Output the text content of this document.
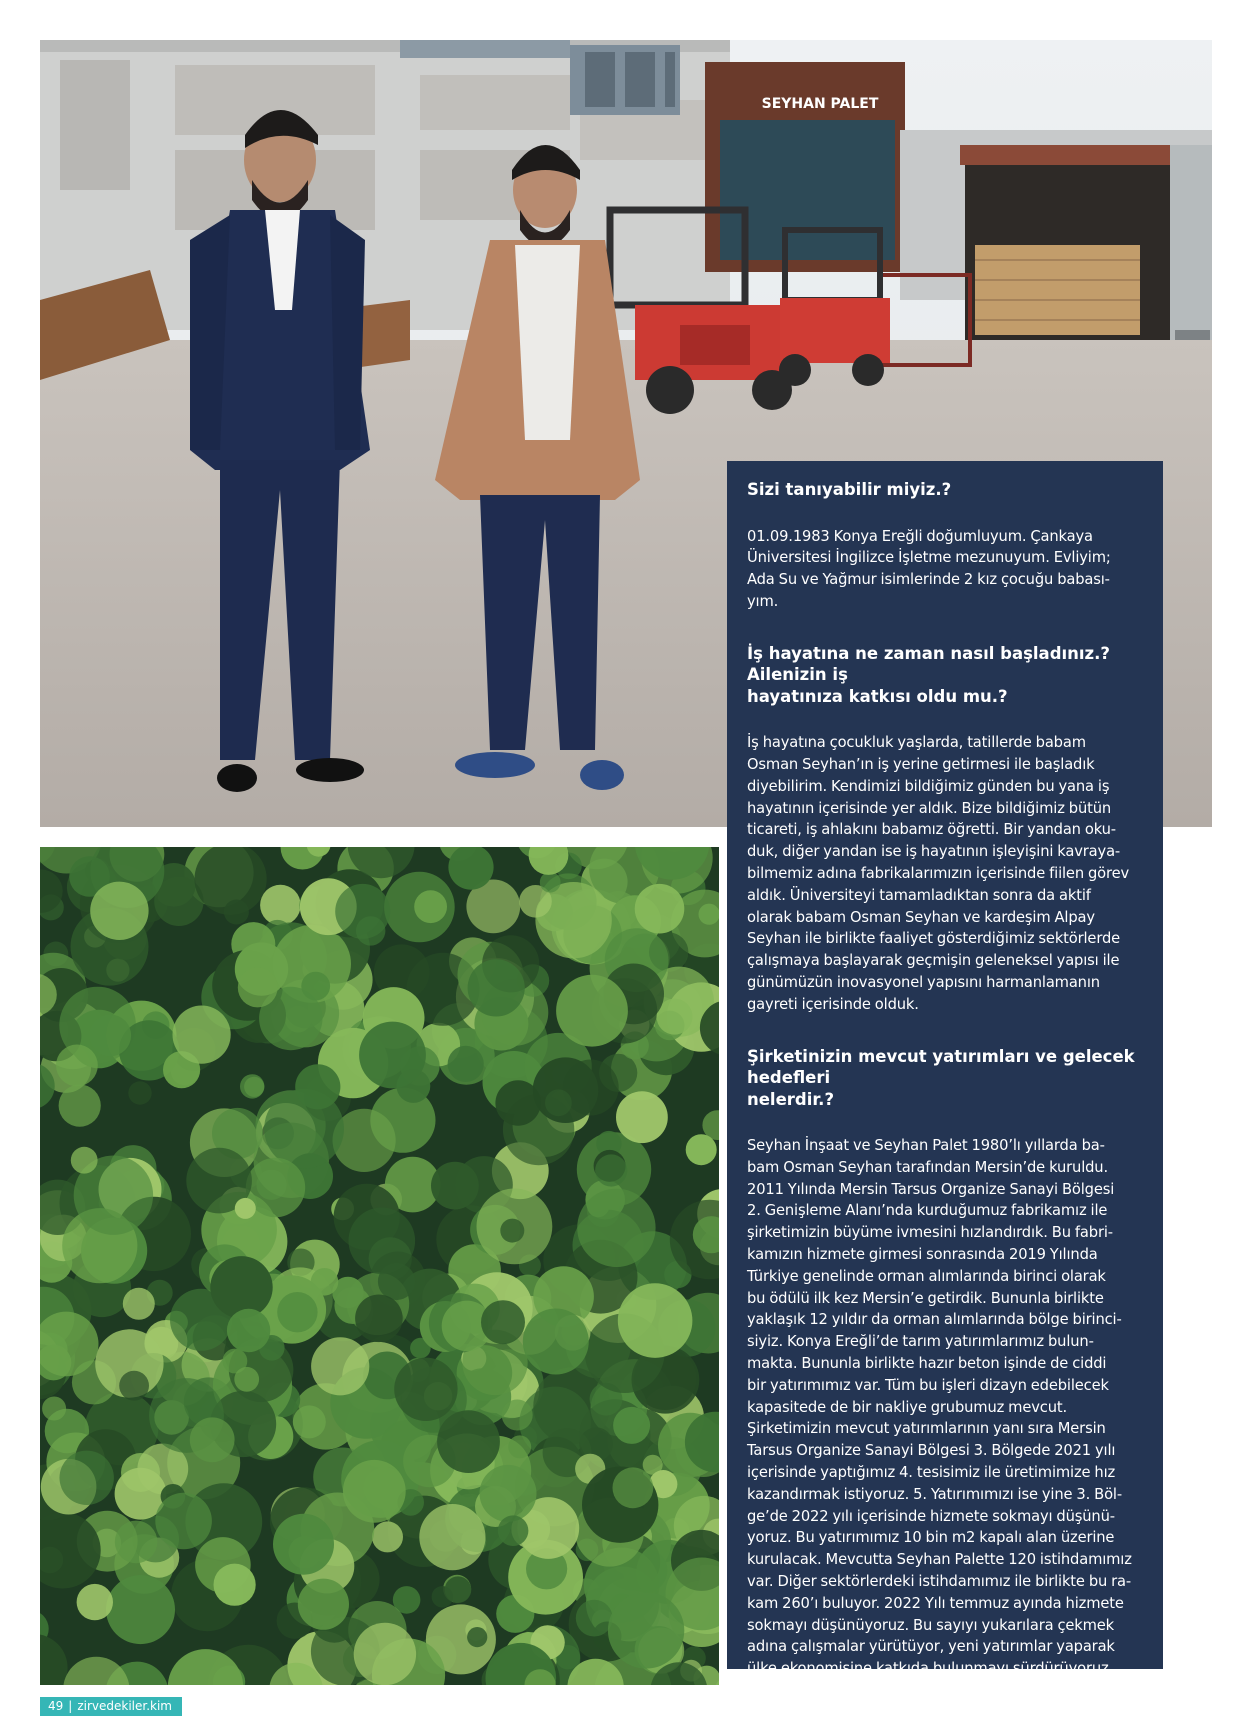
SEYHAN PALET
Sizi tanıyabilir miyiz.?
01.09.1983 Konya Ereğli doğumluyum. Çankaya
Üniversitesi İngilizce İşletme mezunuyum. Evliyim;
Ada Su ve Yağmur isimlerinde 2 kız çocuğu babası-
yım.
İş hayatına ne zaman nasıl başladınız.?
Ailenizin iş
hayatınıza katkısı oldu mu.?
İş hayatına çocukluk yaşlarda, tatillerde babam
Osman Seyhan’ın iş yerine getirmesi ile başladık
diyebilirim. Kendimizi bildiğimiz günden bu yana iş
hayatının içerisinde yer aldık. Bize bildiğimiz bütün
ticareti, iş ahlakını babamız öğretti. Bir yandan oku-
duk, diğer yandan ise iş hayatının işleyişini kavraya-
bilmemiz adına fabrikalarımızın içerisinde fiilen görev
aldık. Üniversiteyi tamamladıktan sonra da aktif
olarak babam Osman Seyhan ve kardeşim Alpay
Seyhan ile birlikte faaliyet gösterdiğimiz sektörlerde
çalışmaya başlayarak geçmişin geleneksel yapısı ile
günümüzün inovasyonel yapısını harmanlamanın
gayreti içerisinde olduk.
Şirketinizin mevcut yatırımları ve gelecek
hedefleri
nelerdir.?
Seyhan İnşaat ve Seyhan Palet 1980’lı yıllarda ba-
bam Osman Seyhan tarafından Mersin’de kuruldu.
2011 Yılında Mersin Tarsus Organize Sanayi Bölgesi
2. Genişleme Alanı’nda kurduğumuz fabrikamız ile
şirketimizin büyüme ivmesini hızlandırdık. Bu fabri-
kamızın hizmete girmesi sonrasında 2019 Yılında
Türkiye genelinde orman alımlarında birinci olarak
bu ödülü ilk kez Mersin’e getirdik. Bununla birlikte
yaklaşık 12 yıldır da orman alımlarında bölge birinci-
siyiz. Konya Ereğli’de tarım yatırımlarımız bulun-
makta. Bununla birlikte hazır beton işinde de ciddi
bir yatırımımız var. Tüm bu işleri dizayn edebilecek
kapasitede de bir nakliye grubumuz mevcut.
Şirketimizin mevcut yatırımlarının yanı sıra Mersin
Tarsus Organize Sanayi Bölgesi 3. Bölgede 2021 yılı
içerisinde yaptığımız 4. tesisimiz ile üretimimize hız
kazandırmak istiyoruz. 5. Yatırımımızı ise yine 3. Böl-
ge’de 2022 yılı içerisinde hizmete sokmayı düşünü-
yoruz. Bu yatırımımız 10 bin m2 kapalı alan üzerine
kurulacak. Mevcutta Seyhan Palette 120 istihdamımız
var. Diğer sektörlerdeki istihdamımız ile birlikte bu ra-
kam 260’ı buluyor. 2022 Yılı temmuz ayında hizmete
sokmayı düşünüyoruz. Bu sayıyı yukarılara çekmek
adına çalışmalar yürütüyor, yeni yatırımlar yaparak
ülke ekonomisine katkıda bulunmayı sürdürüyoruz.
49 | zirvedekiler.kim
